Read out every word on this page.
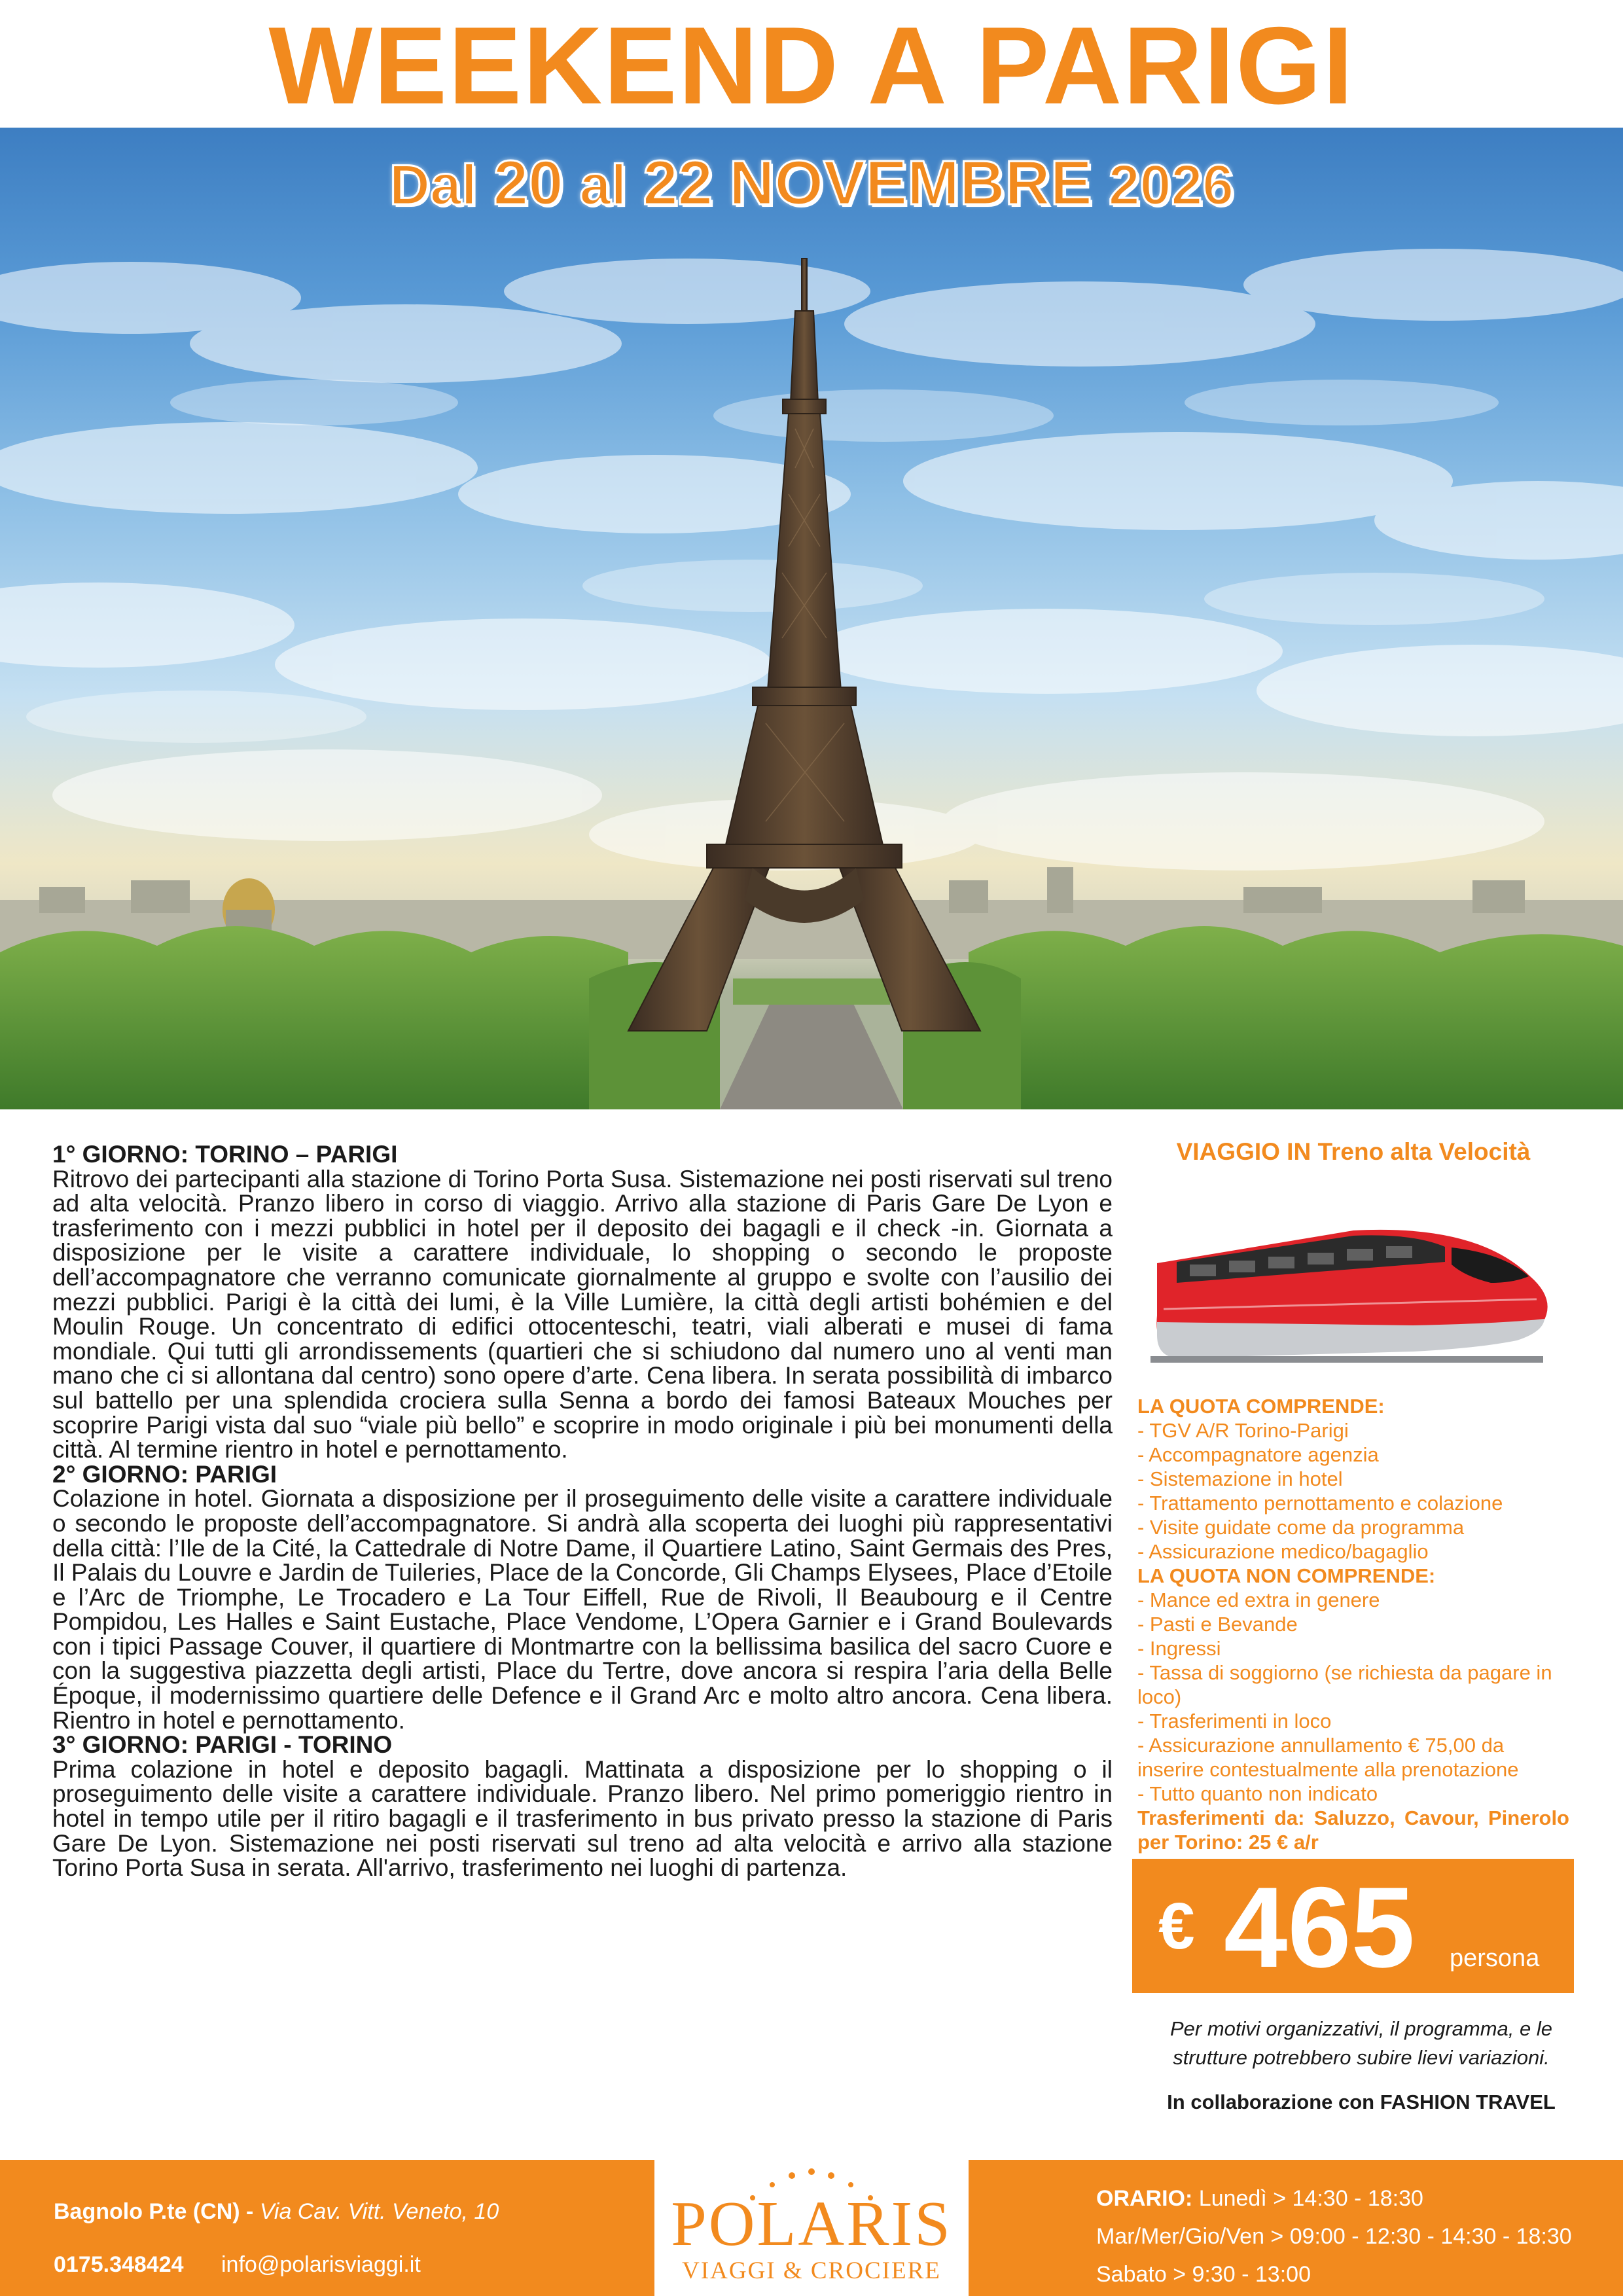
WEEKEND A PARIGI
Dal 20 al 22 NOVEMBRE 2026
1° GIORNO: TORINO – PARIGI
Ritrovo dei partecipanti alla stazione di Torino Porta Susa. Sistemazione nei posti riservati sul treno ad alta velocità. Pranzo libero in corso di viaggio. Arrivo alla stazione di Paris Gare De Lyon e trasferimento con i mezzi pubblici in hotel per il deposito dei bagagli e il check -in. Giornata a disposizione per le visite a carattere individuale, lo shopping o secondo le proposte dell’accompagnatore che verranno comunicate giornalmente al gruppo e svolte con l’ausilio dei mezzi pubblici. Parigi è la città dei lumi, è la Ville Lumière, la città degli artisti bohémien e del Moulin Rouge. Un concentrato di edifici ottocenteschi, teatri, viali alberati e musei di fama mondiale. Qui tutti gli arrondissements (quartieri che si schiudono dal numero uno al venti man mano che ci si allontana dal centro) sono opere d’arte. Cena libera. In serata possibilità di imbarco sul battello per una splendida crociera sulla Senna a bordo dei famosi Bateaux Mouches per scoprire Parigi vista dal suo “viale più bello” e scoprire in modo originale i più bei monumenti della città. Al termine rientro in hotel e pernottamento.
2° GIORNO: PARIGI
Colazione in hotel. Giornata a disposizione per il proseguimento delle visite a carattere individuale o secondo le proposte dell’accompagnatore. Si andrà alla scoperta dei luoghi più rappresentativi della città: l’Ile de la Cité, la Cattedrale di Notre Dame, il Quartiere Latino, Saint Germais des Pres, Il Palais du Louvre e Jardin de Tuileries, Place de la Concorde, Gli Champs Elysees, Place d’Etoile e l’Arc de Triomphe, Le Trocadero e La Tour Eiffell, Rue de Rivoli, Il Beaubourg e il Centre Pompidou, Les Halles e Saint Eustache, Place Vendome, L’Opera Garnier e i Grand Boulevards con i tipici Passage Couver, il quartiere di Montmartre con la bellissima basilica del sacro Cuore e con la suggestiva piazzetta degli artisti, Place du Tertre, dove ancora si respira l’aria della Belle Époque, il modernissimo quartiere delle Defence e il Grand Arc e molto altro ancora. Cena libera. Rientro in hotel e pernottamento.
3° GIORNO: PARIGI - TORINO
Prima colazione in hotel e deposito bagagli. Mattinata a disposizione per lo shopping o il proseguimento delle visite a carattere individuale. Pranzo libero. Nel primo pomeriggio rientro in hotel in tempo utile per il ritiro bagagli e il trasferimento in bus privato presso la stazione di Paris Gare De Lyon. Sistemazione nei posti riservati sul treno ad alta velocità e arrivo alla stazione Torino Porta Susa in serata. All'arrivo, trasferimento nei luoghi di partenza.
VIAGGIO IN Treno alta Velocità
LA QUOTA COMPRENDE:
- TGV A/R Torino-Parigi
- Accompagnatore agenzia
- Sistemazione in hotel
- Trattamento pernottamento e colazione
- Visite guidate come da programma
- Assicurazione medico/bagaglio
LA QUOTA NON COMPRENDE:
- Mance ed extra in genere
- Pasti e Bevande
- Ingressi
- Tassa di soggiorno (se richiesta da pagare in loco)
- Trasferimenti in loco
- Assicurazione annullamento € 75,00 da inserire contestualmente alla prenotazione
- Tutto quanto non indicato
Trasferimenti da: Saluzzo, Cavour, Pinerolo per Torino: 25 € a/r
€ 465 persona
Per motivi organizzativi, il programma, e le strutture potrebbero subire lievi variazioni.
In collaborazione con FASHION TRAVEL
Bagnolo P.te (CN) - Via Cav. Vitt. Veneto, 10
0175.348424 info@polarisviaggi.it
POLARIS
VIAGGI & CROCIERE
ORARIO: Lunedì > 14:30 - 18:30
Mar/Mer/Gio/Ven > 09:00 - 12:30 - 14:30 - 18:30
Sabato > 9:30 - 13:00
